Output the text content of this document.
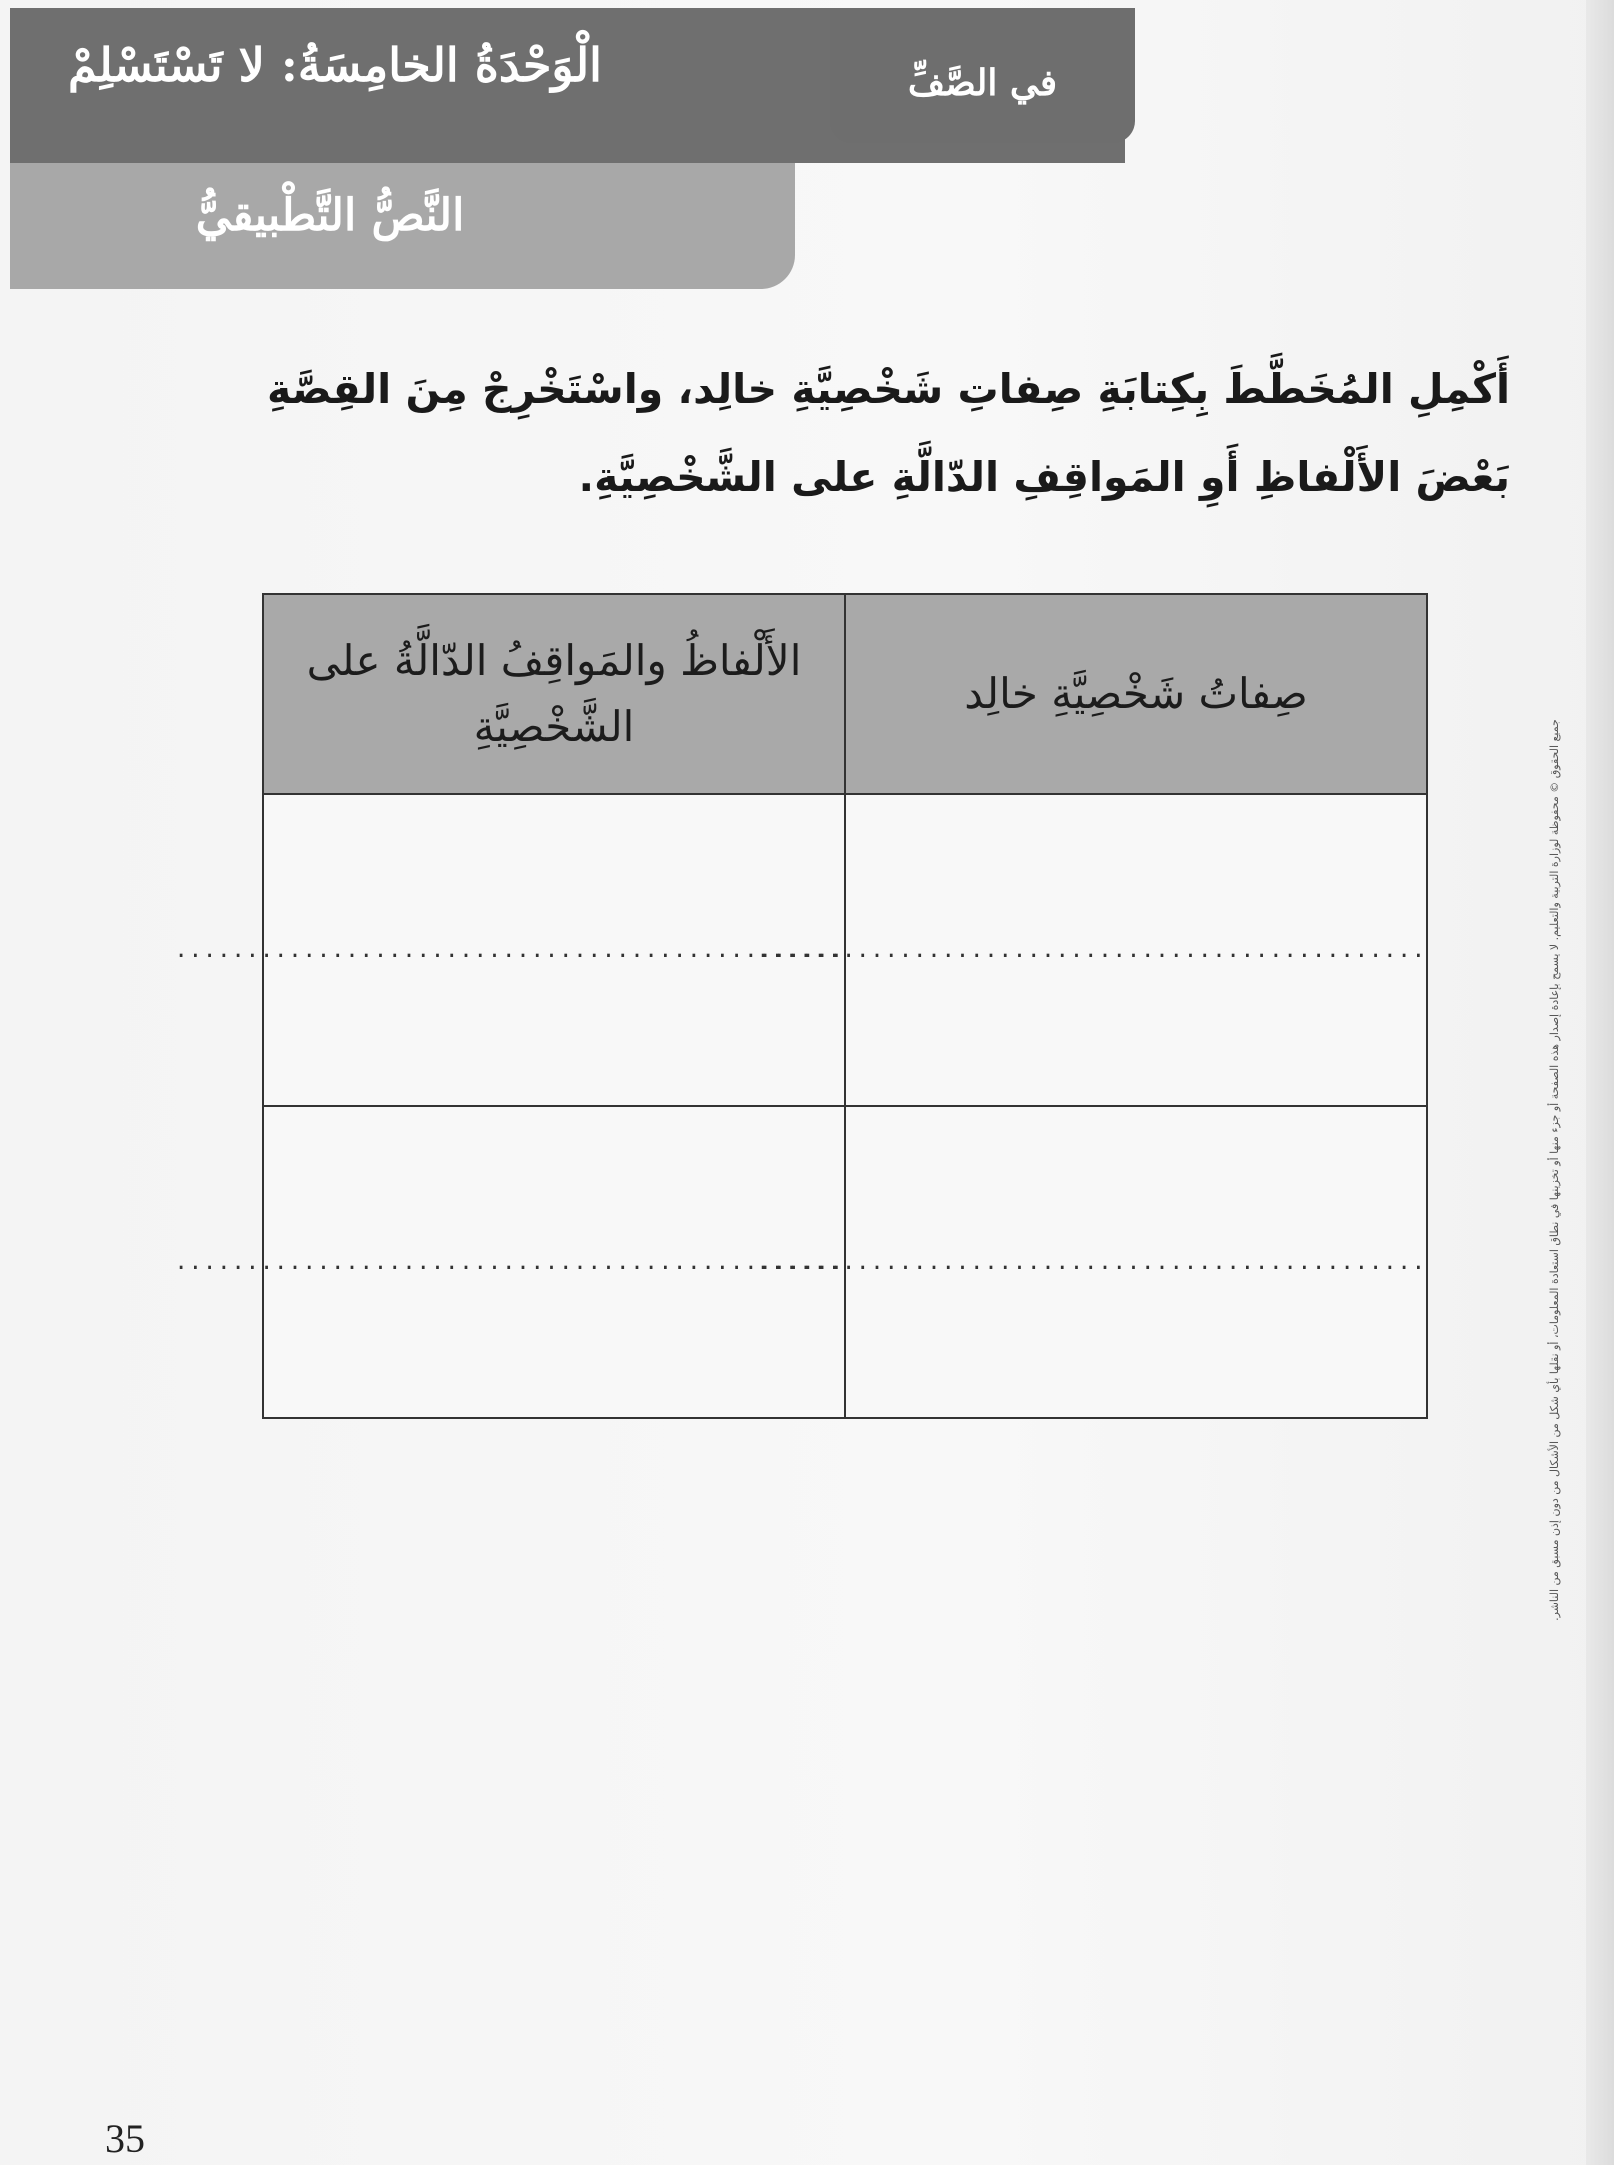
الْوَحْدَةُ الخامِسَةُ: لا تَسْتَسْلِمْ
النَّصُّ التَّطْبيقيُّ
في الصَّفِّ
أَكْمِلِ المُخَطَّطَ بِكِتابَةِ صِفاتِ شَخْصِيَّةِ خالِد، واسْتَخْرِجْ مِنَ القِصَّةِ بَعْضَ الأَلْفاظِ أَوِ المَواقِفِ الدّالَّةِ على الشَّخْصِيَّةِ.
صِفاتُ شَخْصِيَّةِ خالِد	الأَلْفاظُ والمَواقِفُ الدّالَّةُ على الشَّخْصِيَّةِ
...............................................	...............................................
...............................................	...............................................	جميع الحقوق © محفوظة لوزارة التربية والتعليم. لا يسمح بإعادة إصدار هذه الصفحة أو جزء منها أو تخزينها في نطاق استعادة المعلومات، أو نقلها بأي شكل من الأشكال من دون إذن مسبق من الناشر.
35
